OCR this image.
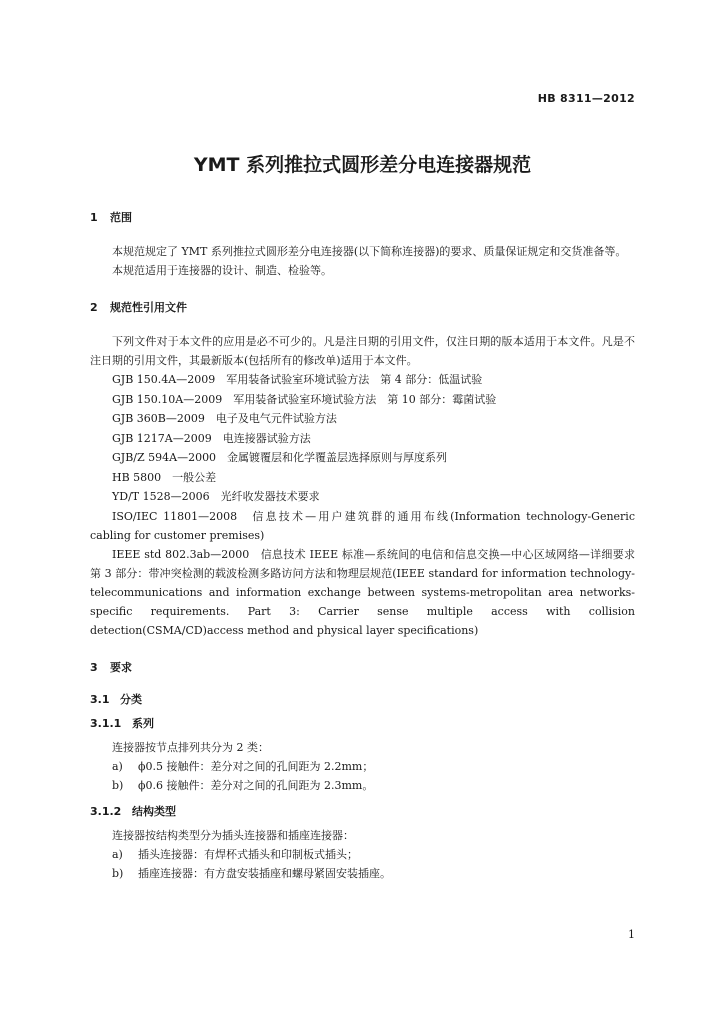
HB 8311—2012
YMT 系列推拉式圆形差分电连接器规范
1 范围

本规范规定了 YMT 系列推拉式圆形差分电连接器(以下简称连接器)的要求、质量保证规定和交货准备等。

本规范适用于连接器的设计、制造、检验等。

2 规范性引用文件

下列文件对于本文件的应用是必不可少的。凡是注日期的引用文件，仅注日期的版本适用于本文件。凡是不注日期的引用文件，其最新版本(包括所有的修改单)适用于本文件。

GJB 150.4A—2009　军用装备试验室环境试验方法　第 4 部分：低温试验

GJB 150.10A—2009　军用装备试验室环境试验方法　第 10 部分：霉菌试验

GJB 360B—2009　电子及电气元件试验方法

GJB 1217A—2009　电连接器试验方法

GJB/Z 594A—2000　金属镀覆层和化学覆盖层选择原则与厚度系列

HB 5800　一般公差

YD/T 1528—2006　光纤收发器技术要求

ISO/IEC 11801—2008　信息技术—用户建筑群的通用布线(Information technology-Generic cabling for customer premises)

IEEE std 802.3ab—2000　信息技术 IEEE 标准—系统间的电信和信息交换—中心区域网络—详细要求　第 3 部分：带冲突检测的载波检测多路访问方法和物理层规范(IEEE standard for information technology-telecommunications and information exchange between systems-metropolitan area networks-specific requirements. Part 3: Carrier sense multiple access with collision detection(CSMA/CD)access method and physical layer specifications)

3 要求
3.1 分类
3.1.1 系列

连接器按节点排列共分为 2 类：

a) ϕ0.5 接触件：差分对之间的孔间距为 2.2mm；

b) ϕ0.6 接触件：差分对之间的孔间距为 2.3mm。

3.1.2 结构类型

连接器按结构类型分为插头连接器和插座连接器：

a) 插头连接器：有焊杯式插头和印制板式插头；

b) 插座连接器：有方盘安装插座和螺母紧固安装插座。

1
